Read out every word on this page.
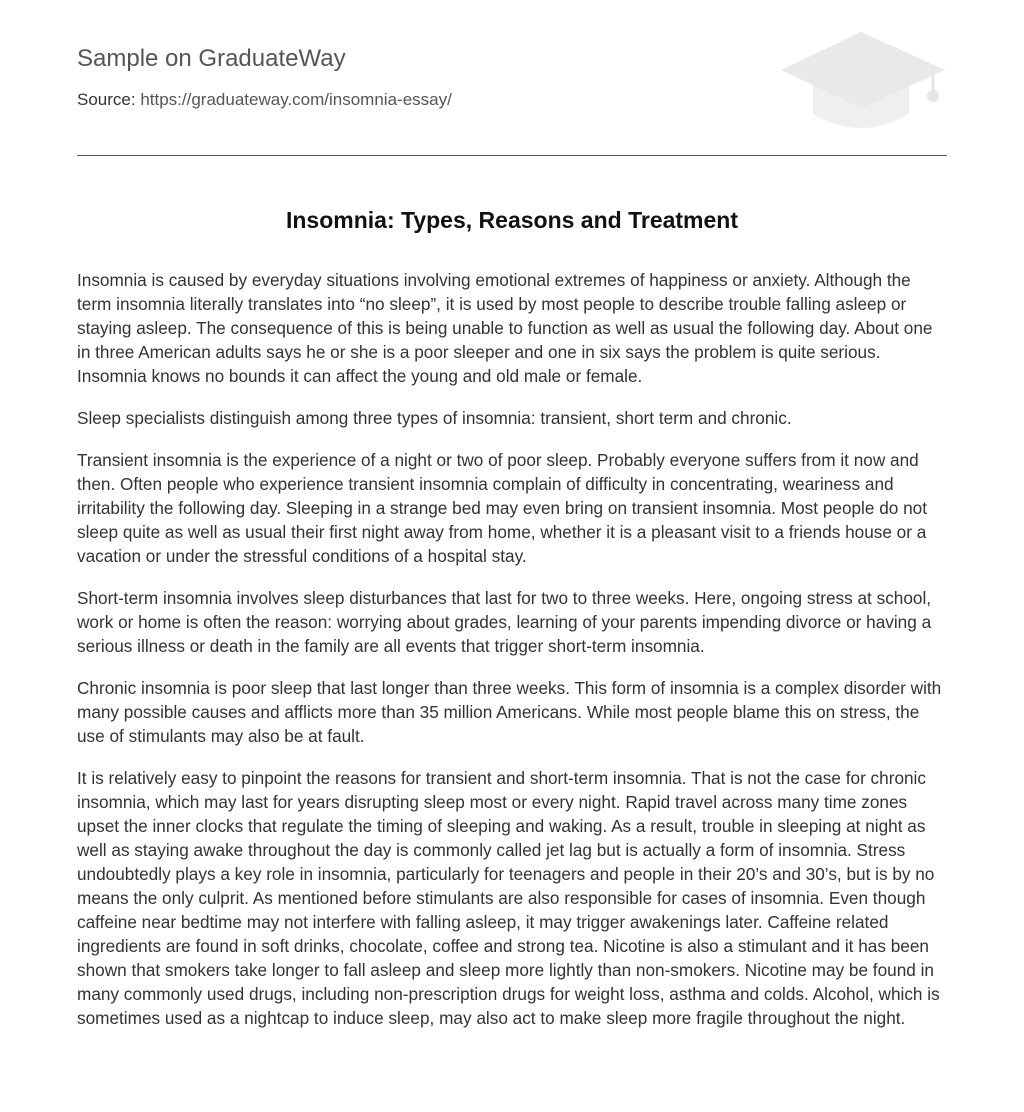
Sample on GraduateWay
Source: https://graduateway.com/insomnia-essay/
Insomnia: Types, Reasons and Treatment

Insomnia is caused by everyday situations involving emotional extremes of happiness or anxiety. Although the term insomnia literally translates into “no sleep”, it is used by most people to describe trouble falling asleep or staying asleep. The consequence of this is being unable to function as well as usual the following day. About one in three American adults says he or she is a poor sleeper and one in six says the problem is quite serious. Insomnia knows no bounds it can affect the young and old male or female.

Sleep specialists distinguish among three types of insomnia: transient, short term and chronic.

Transient insomnia is the experience of a night or two of poor sleep. Probably everyone suffers from it now and then. Often people who experience transient insomnia complain of difficulty in concentrating, weariness and irritability the following day. Sleeping in a strange bed may even bring on transient insomnia. Most people do not sleep quite as well as usual their first night away from home, whether it is a pleasant visit to a friends house or a vacation or under the stressful conditions of a hospital stay.

Short-term insomnia involves sleep disturbances that last for two to three weeks. Here, ongoing stress at school, work or home is often the reason: worrying about grades, learning of your parents impending divorce or having a serious illness or death in the family are all events that trigger short-term insomnia.

Chronic insomnia is poor sleep that last longer than three weeks. This form of insomnia is a complex disorder with many possible causes and afflicts more than 35 million Americans. While most people blame this on stress, the use of stimulants may also be at fault.

It is relatively easy to pinpoint the reasons for transient and short-term insomnia. That is not the case for chronic insomnia, which may last for years disrupting sleep most or every night. Rapid travel across many time zones upset the inner clocks that regulate the timing of sleeping and waking. As a result, trouble in sleeping at night as well as staying awake throughout the day is commonly called jet lag but is actually a form of insomnia. Stress undoubtedly plays a key role in insomnia, particularly for teenagers and people in their 20’s and 30’s, but is by no means the only culprit. As mentioned before stimulants are also responsible for cases of insomnia. Even though caffeine near bedtime may not interfere with falling asleep, it may trigger awakenings later. Caffeine related ingredients are found in soft drinks, chocolate, coffee and strong tea. Nicotine is also a stimulant and it has been shown that smokers take longer to fall asleep and sleep more lightly than non-smokers. Nicotine may be found in many commonly used drugs, including non-prescription drugs for weight loss, asthma and colds. Alcohol, which is sometimes used as a nightcap to induce sleep, may also act to make sleep more fragile throughout the night.
